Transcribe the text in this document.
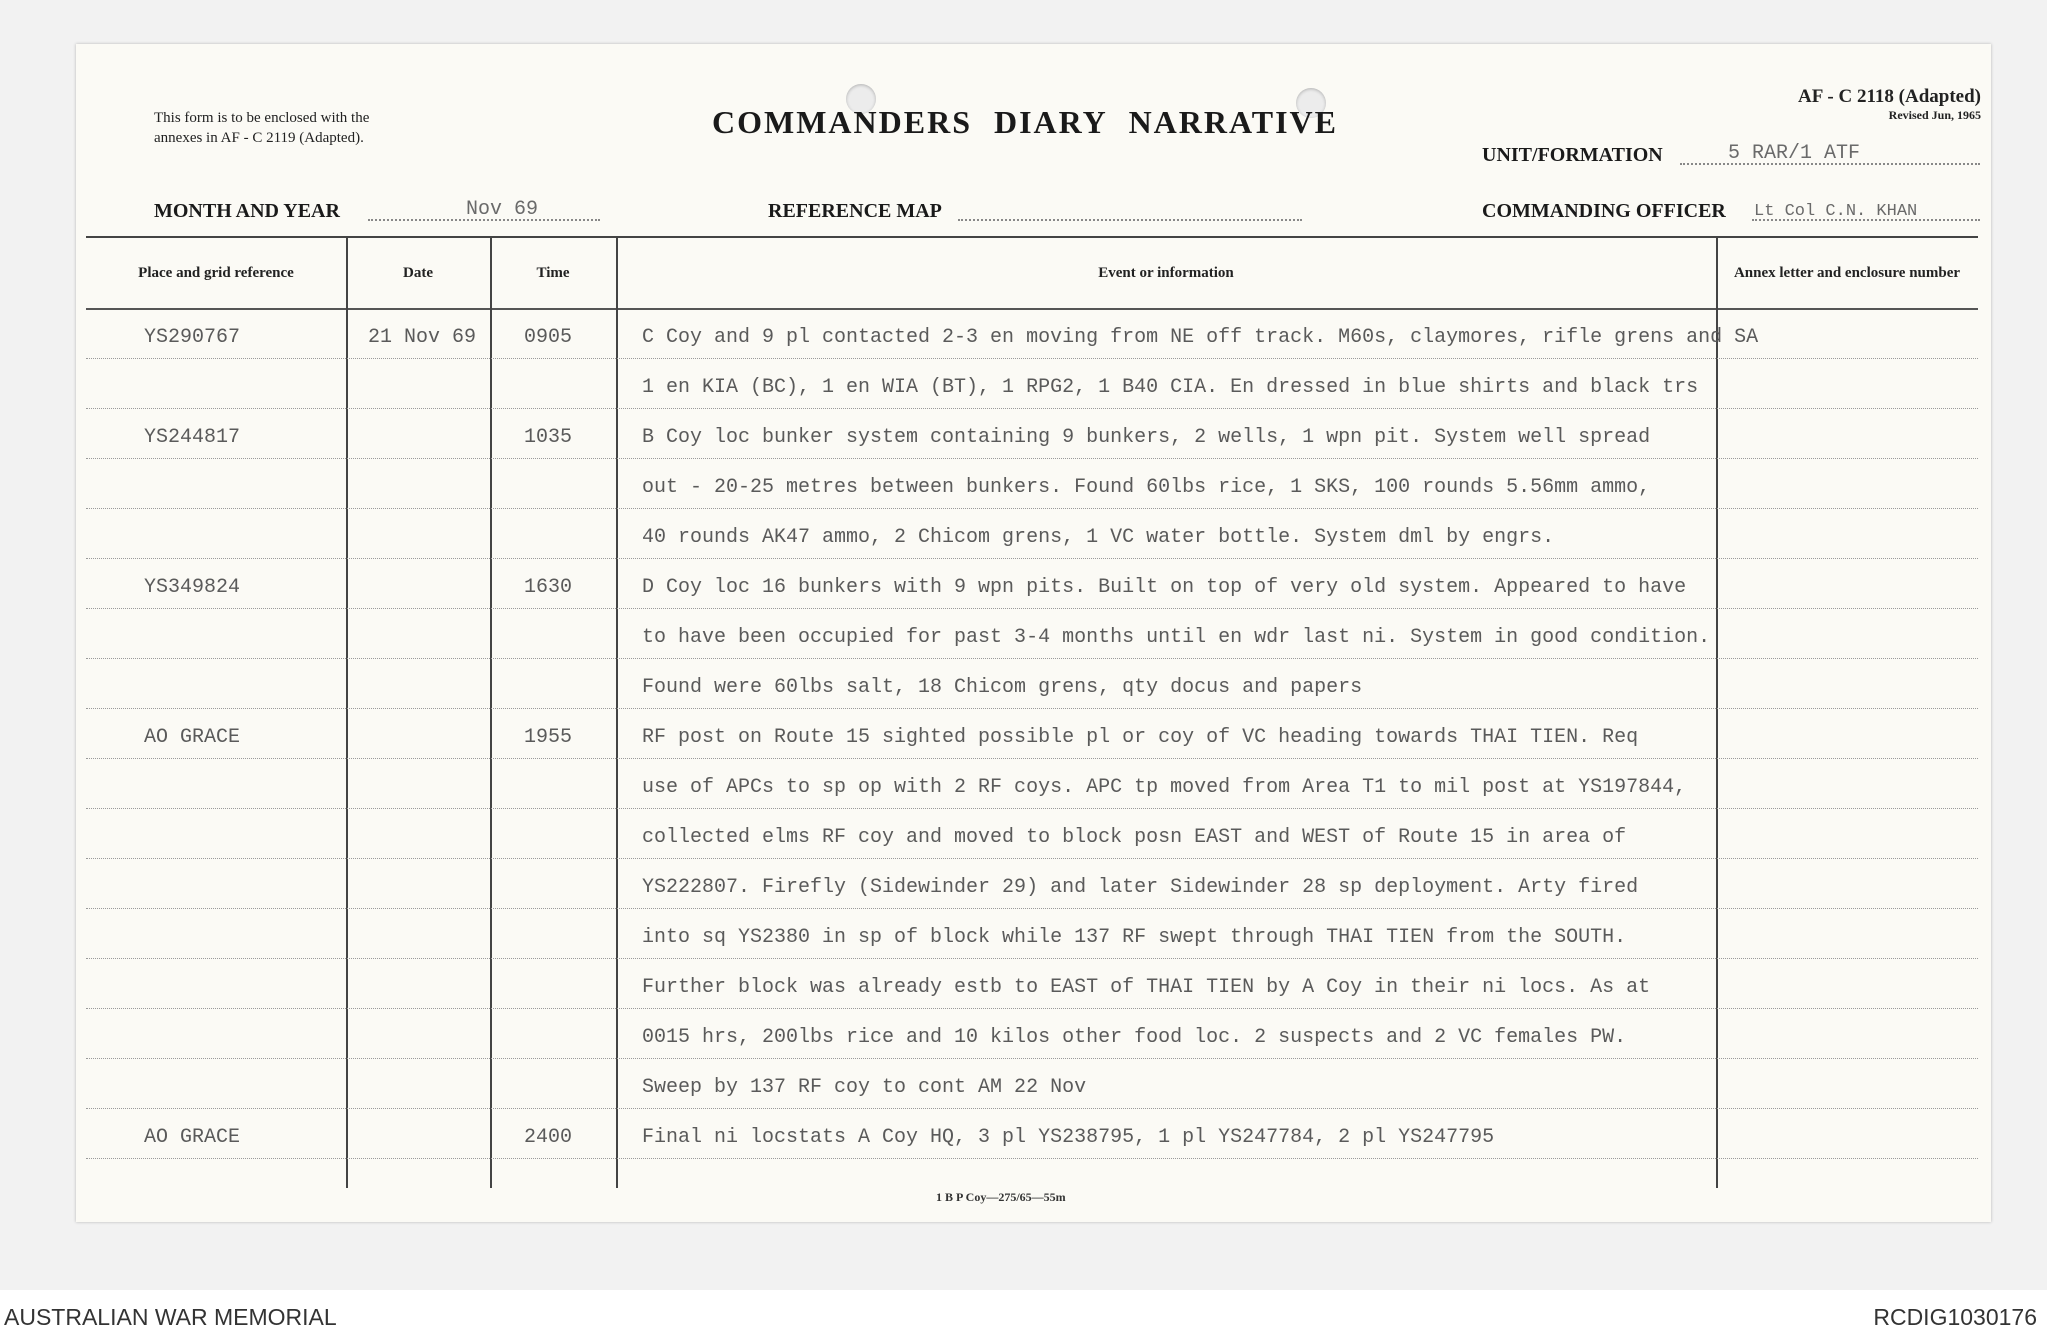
This form is to be enclosed with the
annexes in AF - C 2119 (Adapted).	COMMANDERS DIARY NARRATIVE
AF - C 2118 (Adapted)
Revised Jun, 1965
UNIT/FORMATION	5 RAR/1 ATF
MONTH AND YEAR	Nov 69	REFERENCE MAP	COMMANDING OFFICER Lt Col C.N. KHAN
Place and grid reference	Date	Time	Event or information	Annex letter and enclosure number
YS290767	21 Nov 69 0905	C Coy and 9 pl contacted 2-3 en moving from NE off track. M60s, claymores, rifle grens and SA
1 en KIA (BC), 1 en WIA (BT), 1 RPG2, 1 B40 CIA. En dressed in blue shirts and black trs
YS244817	1035	B Coy loc bunker system containing 9 bunkers, 2 wells, 1 wpn pit. System well spread
out - 20-25 metres between bunkers. Found 60lbs rice, 1 SKS, 100 rounds 5.56mm ammo,
40 rounds AK47 ammo, 2 Chicom grens, 1 VC water bottle. System dml by engrs.
YS349824	1630	D Coy loc 16 bunkers with 9 wpn pits. Built on top of very old system. Appeared to have
to have been occupied for past 3-4 months until en wdr last ni. System in good condition.
Found were 60lbs salt, 18 Chicom grens, qty docus and papers
AO GRACE	1955	RF post on Route 15 sighted possible pl or coy of VC heading towards THAI TIEN. Req
use of APCs to sp op with 2 RF coys. APC tp moved from Area T1 to mil post at YS197844,
collected elms RF coy and moved to block posn EAST and WEST of Route 15 in area of
YS222807. Firefly (Sidewinder 29) and later Sidewinder 28 sp deployment. Arty fired
into sq YS2380 in sp of block while 137 RF swept through THAI TIEN from the SOUTH.
Further block was already estb to EAST of THAI TIEN by A Coy in their ni locs. As at
0015 hrs, 200lbs rice and 10 kilos other food loc. 2 suspects and 2 VC females PW.
Sweep by 137 RF coy to cont AM 22 Nov
AO GRACE	2400	Final ni locstats A Coy HQ, 3 pl YS238795, 1 pl YS247784, 2 pl YS247795
1 B P Coy—275/65—55m
AUSTRALIAN WAR MEMORIAL	RCDIG1030176
